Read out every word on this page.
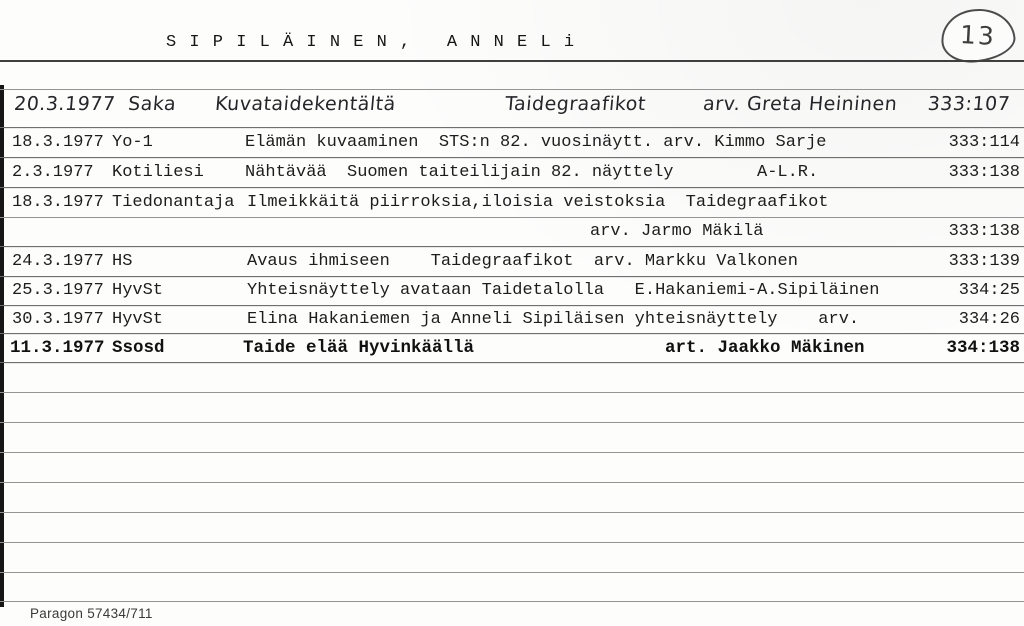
S I P I L Ä I N E N ,   A N N E L i	13
20.3.1977 Saka Kuvataidekentältä	Taidegraafikot	arv. Greta Heininen 333:107
18.3.1977 Yo-1	Elämän kuvaaminen  STS:n 82. vuosinäytt. arv. Kimmo Sarje	333:114
2.3.1977 Kotiliesi Nähtävää  Suomen taiteilijain 82. näyttely	A-L.R.	333:138
18.3.1977 Tiedonantaja Ilmeikkäitä piirroksia,iloisia veistoksia  Taidegraafikot
arv. Jarmo Mäkilä	333:138
24.3.1977 HS	Avaus ihmiseen    Taidegraafikot  arv. Markku Valkonen	333:139
25.3.1977 HyvSt	Yhteisnäyttely avataan Taidetalolla   E.Hakaniemi-A.Sipiläinen	334:25
30.3.1977 HyvSt	Elina Hakaniemen ja Anneli Sipiläisen yhteisnäyttely    arv.	334:26
11.3.1977 Ssosd	Taide elää Hyvinkäällä	art. Jaakko Mäkinen	334:138
Paragon 57434/711
